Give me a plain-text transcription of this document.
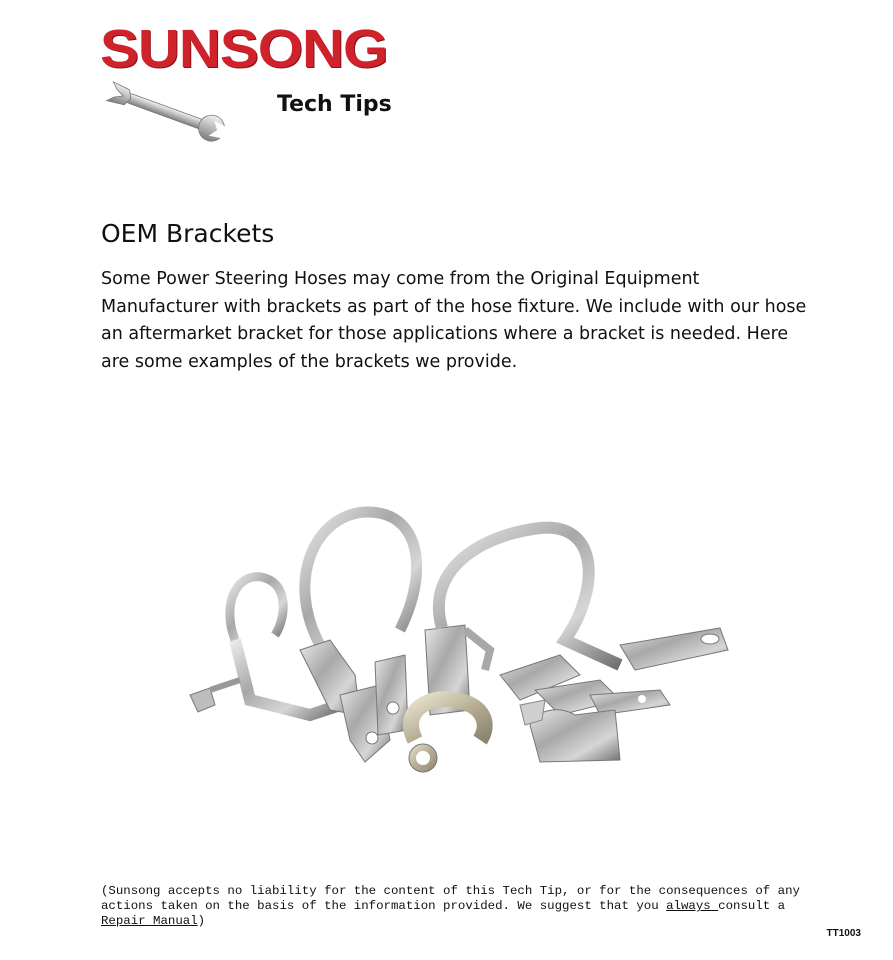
SUNSONG
Tech Tips
OEM Brackets

Some Power Steering Hoses may come from the Original Equipment Manufacturer with brackets as part of the hose fixture. We include with our hose an aftermarket bracket for those applications where a bracket is needed. Here are some examples of the brackets we provide.

(Sunsong accepts no liability for the content of this Tech Tip, or for the consequences of any actions taken on the basis of the information provided. We suggest that you always consult a Repair Manual)

TT1003
